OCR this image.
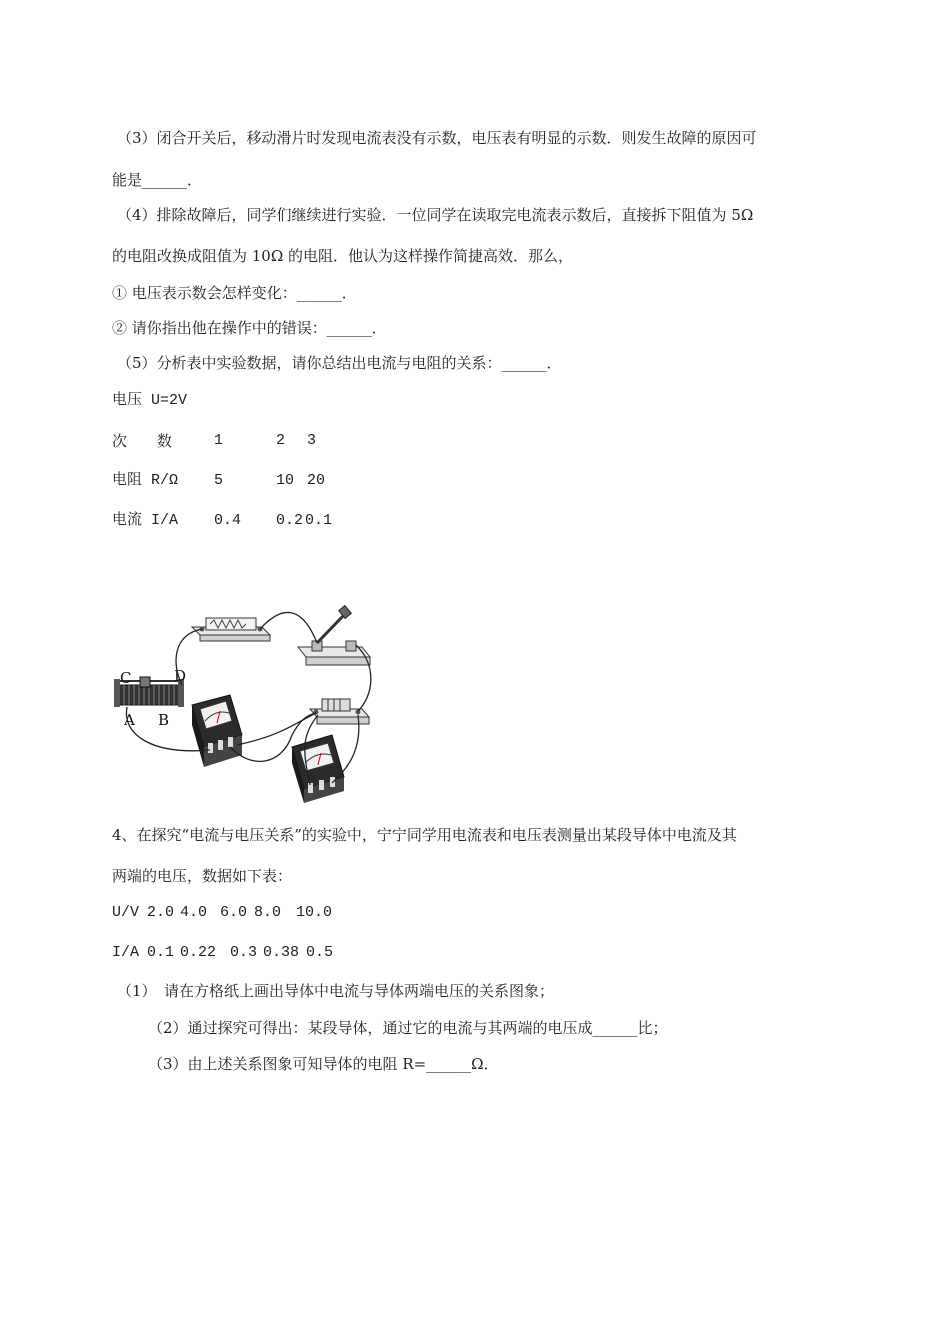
（3）闭合开关后，移动滑片时发现电流表没有示数，电压表有明显的示数．则发生故障的原因可
能是______．
（4）排除故障后，同学们继续进行实验．一位同学在读取完电流表示数后，直接拆下阻值为 5Ω
的电阻改换成阻值为 10Ω 的电阻．他认为这样操作简捷高效．那么，
① 电压表示数会怎样变化：______．
② 请你指出他在操作中的错误：______．
（5）分析表中实验数据，请你总结出电流与电阻的关系：______．
电压 U=2V
次　　数	1	2 3
电阻 R/Ω 5	10 20
电流 I/A 0.4 0.2 0.1
C	D
A B
4、在探究“电流与电压关系”的实验中，宁宁同学用电流表和电压表测量出某段导体中电流及其
两端的电压，数据如下表：
U/V 2.0 4.0 6.0 8.0 10.0
I/A 0.1 0.22 0.3 0.38 0.5
（1）　请在方格纸上画出导体中电流与导体两端电压的关系图象；
（2）通过探究可得出：某段导体，通过它的电流与其两端的电压成______比；
（3）由上述关系图象可知导体的电阻 R=______Ω．
